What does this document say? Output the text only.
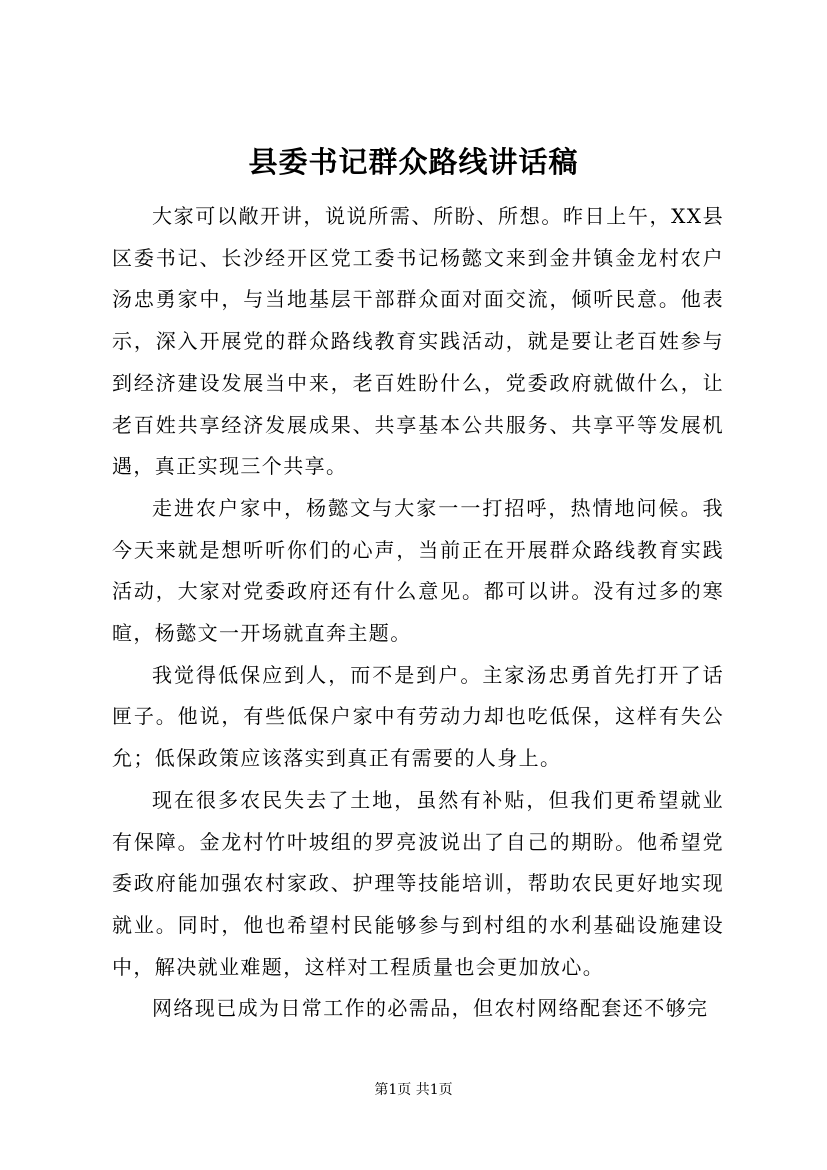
县委书记群众路线讲话稿

大家可以敞开讲，说说所需、所盼、所想。昨日上午，XX县区委书记、长沙经开区党工委书记杨懿文来到金井镇金龙村农户汤忠勇家中，与当地基层干部群众面对面交流，倾听民意。他表示，深入开展党的群众路线教育实践活动，就是要让老百姓参与到经济建设发展当中来，老百姓盼什么，党委政府就做什么，让老百姓共享经济发展成果、共享基本公共服务、共享平等发展机遇，真正实现三个共享。

走进农户家中，杨懿文与大家一一打招呼，热情地问候。我今天来就是想听听你们的心声，当前正在开展群众路线教育实践活动，大家对党委政府还有什么意见。都可以讲。没有过多的寒暄，杨懿文一开场就直奔主题。

我觉得低保应到人，而不是到户。主家汤忠勇首先打开了话匣子。他说，有些低保户家中有劳动力却也吃低保，这样有失公允；低保政策应该落实到真正有需要的人身上。

现在很多农民失去了土地，虽然有补贴，但我们更希望就业有保障。金龙村竹叶坡组的罗亮波说出了自己的期盼。他希望党委政府能加强农村家政、护理等技能培训，帮助农民更好地实现就业。同时，他也希望村民能够参与到村组的水利基础设施建设中，解决就业难题，这样对工程质量也会更加放心。

网络现已成为日常工作的必需品，但农村网络配套还不够完

第1页 共1页
